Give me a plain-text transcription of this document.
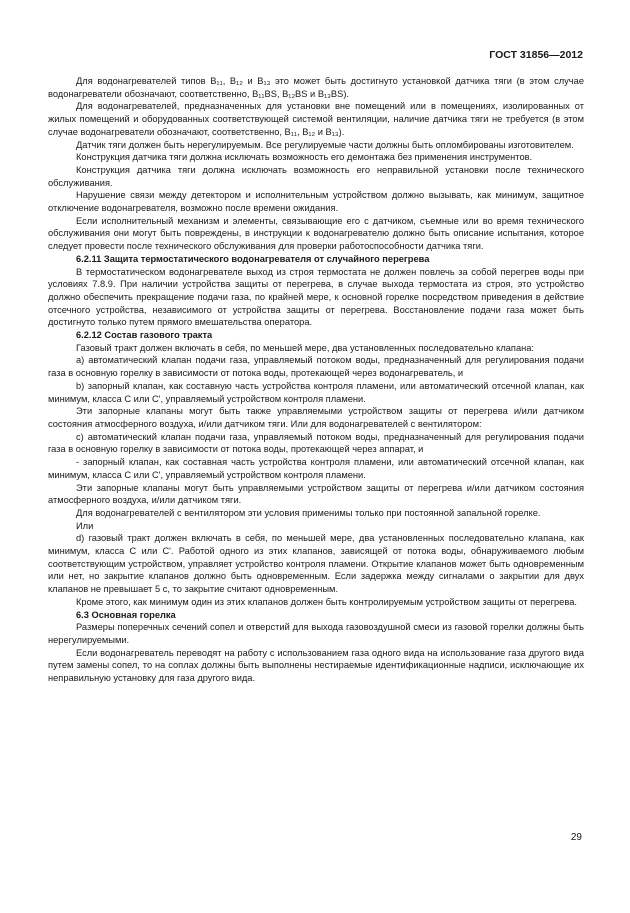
ГОСТ 31856—2012

Для водонагревателей типов B₁₁, B₁₂ и B₁₃ это может быть достигнуто установкой датчика тяги (в этом случае водонагреватели обозначают, соответственно, B₁₁BS, B₁₂BS и B₁₃BS).

Для водонагревателей, предназначенных для установки вне помещений или в помещениях, изолированных от жилых помещений и оборудованных соответствующей системой вентиляции, наличие датчика тяги не требуется (в этом случае водонагреватели обозначают, соответственно, B₁₁, B₁₂ и B₁₃).

Датчик тяги должен быть нерегулируемым. Все регулируемые части должны быть опломбированы изготовителем.

Конструкция датчика тяги должна исключать возможность его демонтажа без применения инструментов.

Конструкция датчика тяги должна исключать возможность его неправильной установки после технического обслуживания.

Нарушение связи между детектором и исполнительным устройством должно вызывать, как минимум, защитное отключение водонагревателя, возможно после времени ожидания.

Если исполнительный механизм и элементы, связывающие его с датчиком, съемные или во время технического обслуживания они могут быть повреждены, в инструкции к водонагревателю должно быть описание испытания, которое следует провести после технического обслуживания для проверки работоспособности датчика тяги.

6.2.11 Защита термостатического водонагревателя от случайного перегрева

В термостатическом водонагревателе выход из строя термостата не должен повлечь за собой перегрев воды при условиях 7.8.9. При наличии устройства защиты от перегрева, в случае выхода термостата из строя, это устройство должно обеспечить прекращение подачи газа, по крайней мере, к основной горелке посредством приведения в действие отсечного устройства, независимого от устройства защиты от перегрева. Восстановление подачи газа может быть достигнуто только путем прямого вмешательства оператора.

6.2.12 Состав газового тракта

Газовый тракт должен включать в себя, по меньшей мере, два установленных последовательно клапана:

a) автоматический клапан подачи газа, управляемый потоком воды, предназначенный для регулирования подачи газа в основную горелку в зависимости от потока воды, протекающей через водонагреватель, и

b) запорный клапан, как составную часть устройства контроля пламени, или автоматический отсечной клапан, как минимум, класса C или C', управляемый устройством контроля пламени.

Эти запорные клапаны могут быть также управляемыми устройством защиты от перегрева и/или датчиком состояния атмосферного воздуха, и/или датчиком тяги. Или для водонагревателей с вентилятором:

c) автоматический клапан подачи газа, управляемый потоком воды, предназначенный для регулирования подачи газа в основную горелку в зависимости от потока воды, протекающей через аппарат, и

- запорный клапан, как составная часть устройства контроля пламени, или автоматический отсечной клапан, как минимум, класса C или C', управляемый устройством контроля пламени.

Эти запорные клапаны могут быть управляемыми устройством защиты от перегрева и/или датчиком состояния атмосферного воздуха, и/или датчиком тяги.

Для водонагревателей с вентилятором эти условия применимы только при постоянной запальной горелке.

Или

d) газовый тракт должен включать в себя, по меньшей мере, два установленных последовательно клапана, как минимум, класса C или C'. Работой одного из этих клапанов, зависящей от потока воды, обнаруживаемого любым соответствующим устройством, управляет устройство контроля пламени. Открытие клапанов может быть одновременным или нет, но закрытие клапанов должно быть одновременным. Если задержка между сигналами о закрытии для двух клапанов не превышает 5 с, то закрытие считают одновременным.

Кроме этого, как минимум один из этих клапанов должен быть контролируемым устройством защиты от перегрева.

6.3 Основная горелка

Размеры поперечных сечений сопел и отверстий для выхода газовоздушной смеси из газовой горелки должны быть нерегулируемыми.

Если водонагреватель переводят на работу с использованием газа одного вида на использование газа другого вида путем замены сопел, то на соплах должны быть выполнены нестираемые идентификационные надписи, исключающие их неправильную установку для газа другого вида.

29
